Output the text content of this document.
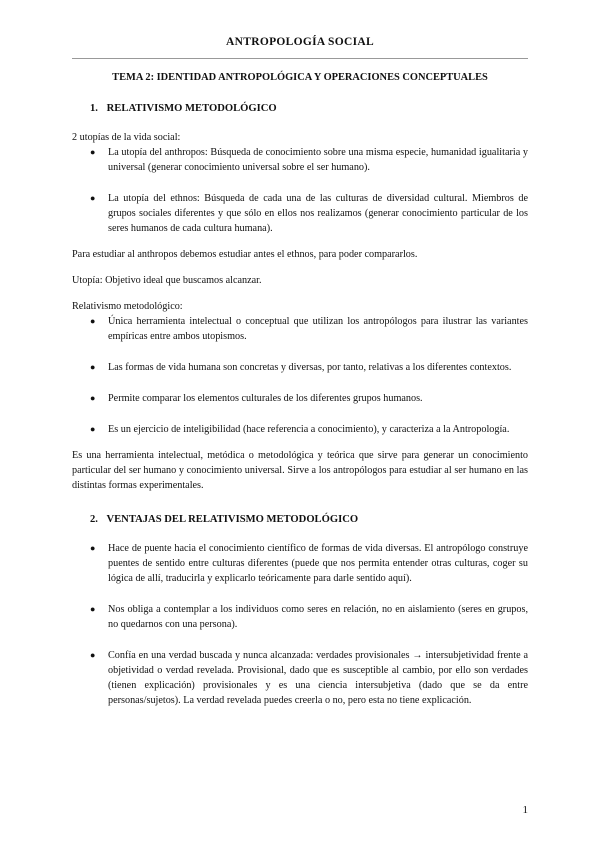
ANTROPOLOGÍA SOCIAL
TEMA 2: IDENTIDAD ANTROPOLÓGICA Y OPERACIONES CONCEPTUALES
1. RELATIVISMO METODOLÓGICO

2 utopías de la vida social:

● La utopía del anthropos: Búsqueda de conocimiento sobre una misma especie, humanidad igualitaria y universal (generar conocimiento universal sobre el ser humano).
● La utopía del ethnos: Búsqueda de cada una de las culturas de diversidad cultural. Miembros de grupos sociales diferentes y que sólo en ellos nos realizamos (generar conocimiento particular de los seres humanos de cada cultura humana).

Para estudiar al anthropos debemos estudiar antes el ethnos, para poder compararlos.

Utopía: Objetivo ideal que buscamos alcanzar.

Relativismo metodológico:

● Única herramienta intelectual o conceptual que utilizan los antropólogos para ilustrar las variantes empíricas entre ambos utopismos.
● Las formas de vida humana son concretas y diversas, por tanto, relativas a los diferentes contextos.
● Permite comparar los elementos culturales de los diferentes grupos humanos.
● Es un ejercicio de inteligibilidad (hace referencia a conocimiento), y caracteriza a la Antropología.

Es una herramienta intelectual, metódica o metodológica y teórica que sirve para generar un conocimiento particular del ser humano y conocimiento universal. Sirve a los antropólogos para estudiar al ser humano en las distintas formas experimentales.

2. VENTAJAS DEL RELATIVISMO METODOLÓGICO
● Hace de puente hacia el conocimiento científico de formas de vida diversas. El antropólogo construye puentes de sentido entre culturas diferentes (puede que nos permita entender otras culturas, coger su lógica de allí, traducirla y explicarlo teóricamente para darle sentido aquí).
● Nos obliga a contemplar a los individuos como seres en relación, no en aislamiento (seres en grupos, no quedarnos con una persona).
● Confía en una verdad buscada y nunca alcanzada: verdades provisionales → intersubjetividad frente a objetividad o verdad revelada. Provisional, dado que es susceptible al cambio, por ello son verdades (tienen explicación) provisionales y es una ciencia intersubjetiva (dado que se da entre personas/sujetos). La verdad revelada puedes creerla o no, pero esta no tiene explicación.
1
